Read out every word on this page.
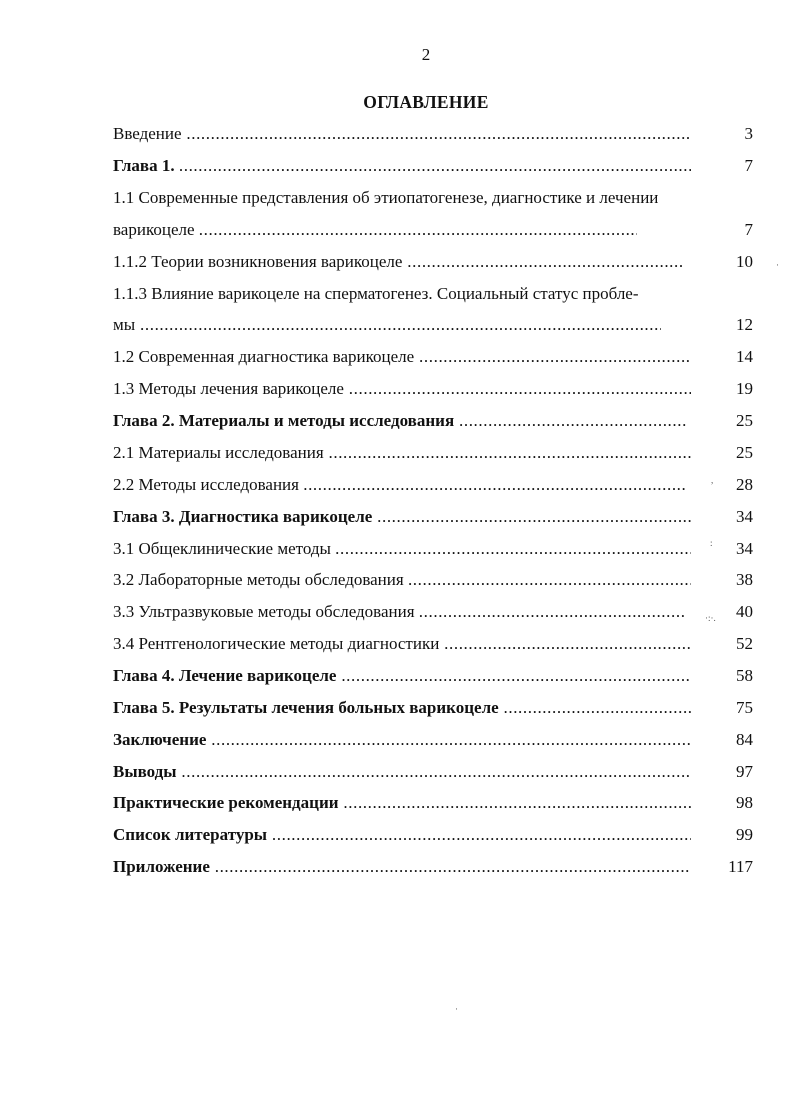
2
ОГЛАВЛЕНИЕ
Введение .....	3
Глава 1. .....	7
1.1 Современные представления об этиопатогенезе, диагностике и лечении
варикоцеле .....	7
1.1.2 Теории возникновения варикоцеле .....	10
1.1.3 Влияние варикоцеле на сперматогенез. Социальный статус пробле-
мы .....	12
1.2 Современная диагностика варикоцеле .....	14
1.3 Методы лечения варикоцеле .....	19
Глава 2. Материалы и методы исследования .....	25
2.1 Материалы исследования .....	25
2.2 Методы исследования .....	28
Глава 3. Диагностика варикоцеле .....	34
3.1 Общеклинические методы .....	34
3.2 Лабораторные методы обследования .....	38
3.3 Ультразвуковые методы обследования .....	40
3.4 Рентгенологические методы диагностики .....	52
Глава 4. Лечение варикоцеле .....	58
Глава 5. Результаты лечения больных варикоцеле .....	75
Заключение .....	84
Выводы .....	97
Практические рекомендации .....	98
Список литературы .....	99
Приложение .....	117
·
,
:
·:·.
·
